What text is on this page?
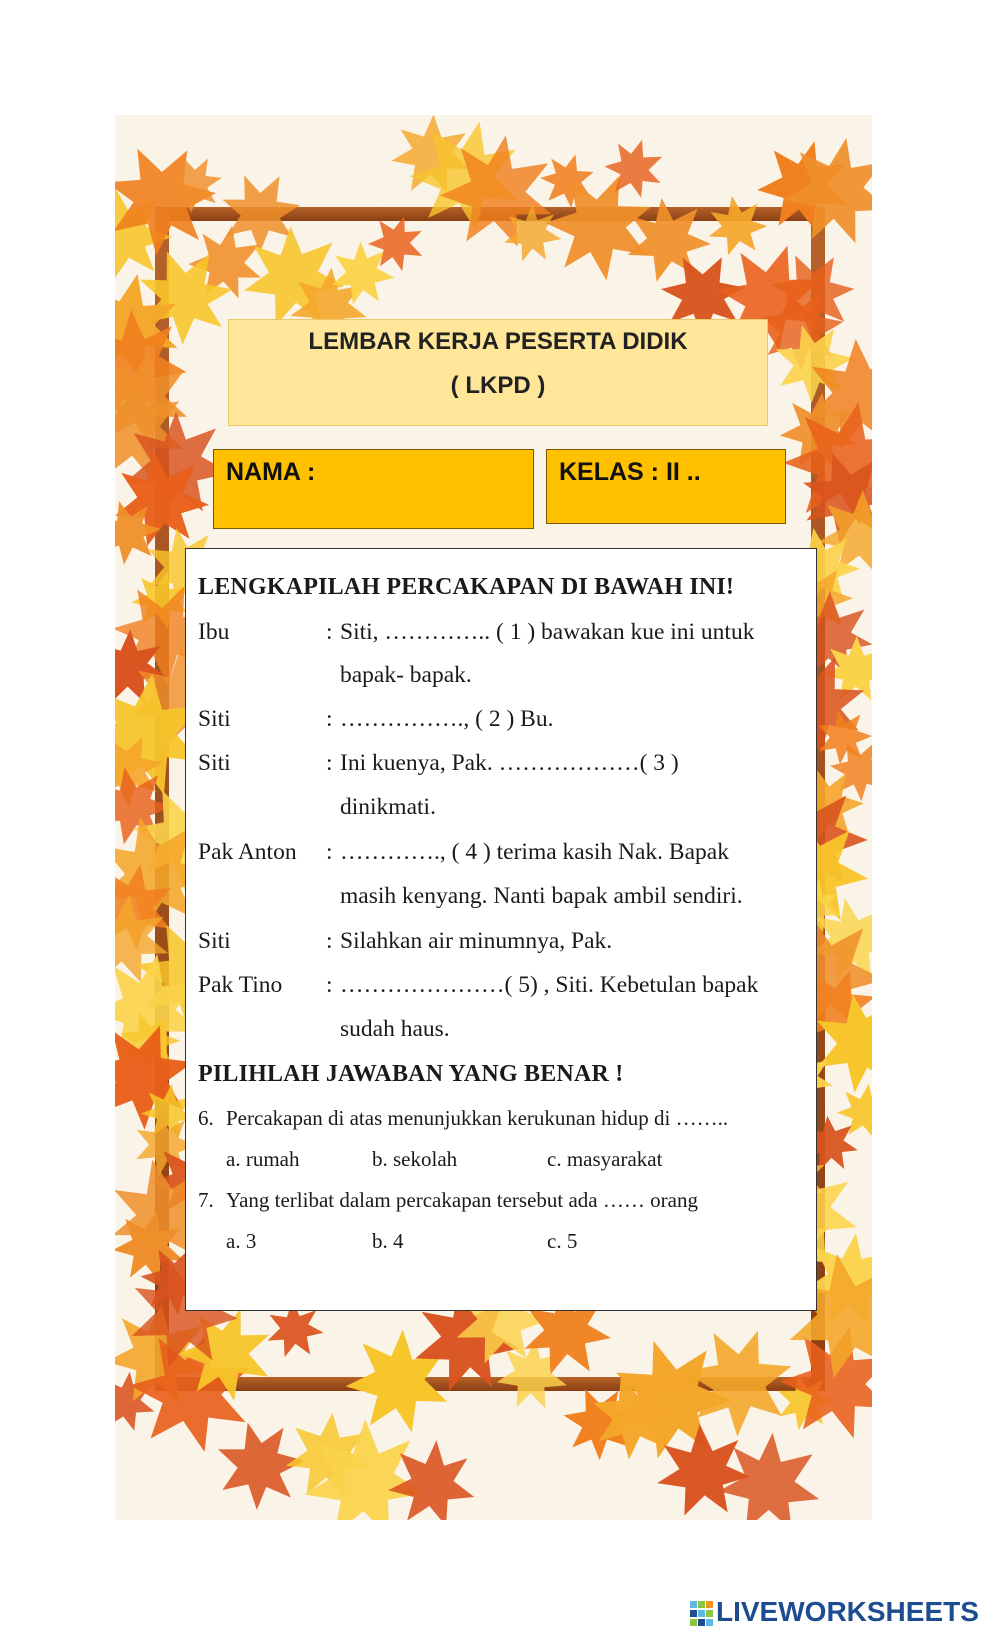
LEMBAR KERJA PESERTA DIDIK
( LKPD )
NAMA :	KELAS : II ..
LENGKAPILAH PERCAKAPAN DI BAWAH INI!
Ibu	: Siti, ………….. ( 1 ) bawakan kue ini untuk
bapak- bapak.
Siti	: ……………., ( 2 ) Bu.
Siti	: Ini kuenya, Pak. ………………( 3 )
dinikmati.
Pak Anton : …………., ( 4 ) terima kasih Nak. Bapak
masih kenyang. Nanti bapak ambil sendiri.
Siti	: Silahkan air minumnya, Pak.
Pak Tino : …………………( 5) , Siti. Kebetulan bapak
sudah haus.
PILIHLAH JAWABAN YANG BENAR !
6. Percakapan di atas menunjukkan kerukunan hidup di ……..
a. rumah	b. sekolah	c. masyarakat
7. Yang terlibat dalam percakapan tersebut ada …… orang
a. 3	b. 4	c. 5
LIVEWORKSHEETS
